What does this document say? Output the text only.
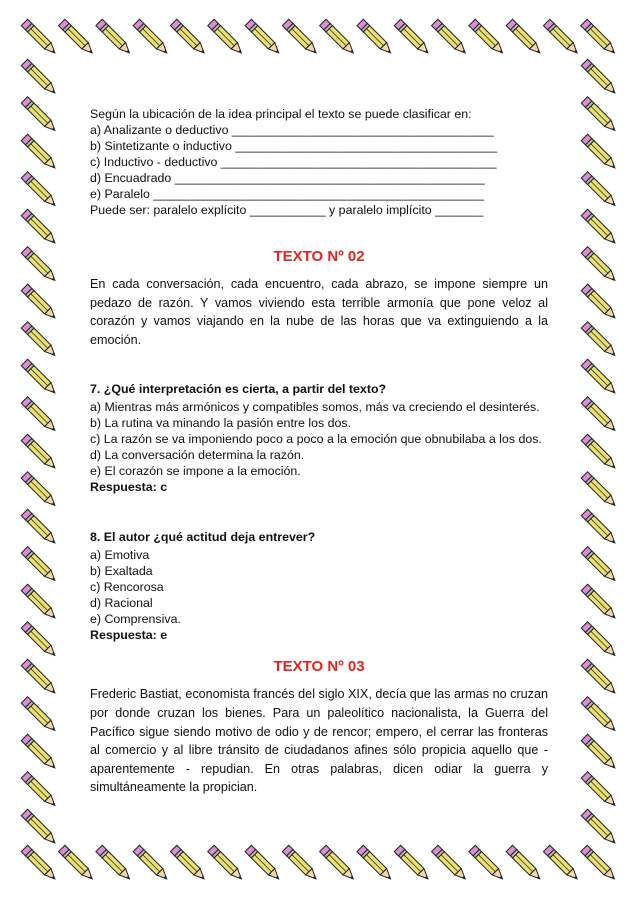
Según la ubicación de la idea principal el texto se puede clasificar en:

a) Analizante o deductivo ______________________________________

b) Sintetizante o inductivo ______________________________________

c) Inductivo - deductivo ________________________________________

d) Encuadrado _____________________________________________

e) Paralelo ________________________________________________

Puede ser: paralelo explícito ___________ y paralelo implícito _______

TEXTO Nº 02

En cada conversación, cada encuentro, cada abrazo, se impone siempre un pedazo de razón. Y vamos viviendo esta terrible armonía que pone veloz al corazón y vamos viajando en la nube de las horas que va extinguiendo a la emoción.

7. ¿Qué interpretación es cierta, a partir del texto?

a) Mientras más armónicos y compatibles somos, más va creciendo el desinterés.

b) La rutina va minando la pasión entre los dos.

c) La razón se va imponiendo poco a poco a la emoción que obnubilaba a los dos.

d) La conversación determina la razón.

e) El corazón se impone a la emoción.

Respuesta: c

8. El autor ¿qué actitud deja entrever?

a) Emotiva

b) Exaltada

c) Rencorosa

d) Racional

e) Comprensiva.

Respuesta: e

TEXTO Nº 03

Frederic Bastiat, economista francés del siglo XIX, decía que las armas no cruzan por donde cruzan los bienes. Para un paleolítico nacionalista, la Guerra del Pacífico sigue siendo motivo de odio y de rencor; empero, el cerrar las fronteras al comercio y al libre tránsito de ciudadanos afines sólo propicia aquello que -aparentemente - repudian. En otras palabras, dicen odiar la guerra y simultáneamente la propician.
